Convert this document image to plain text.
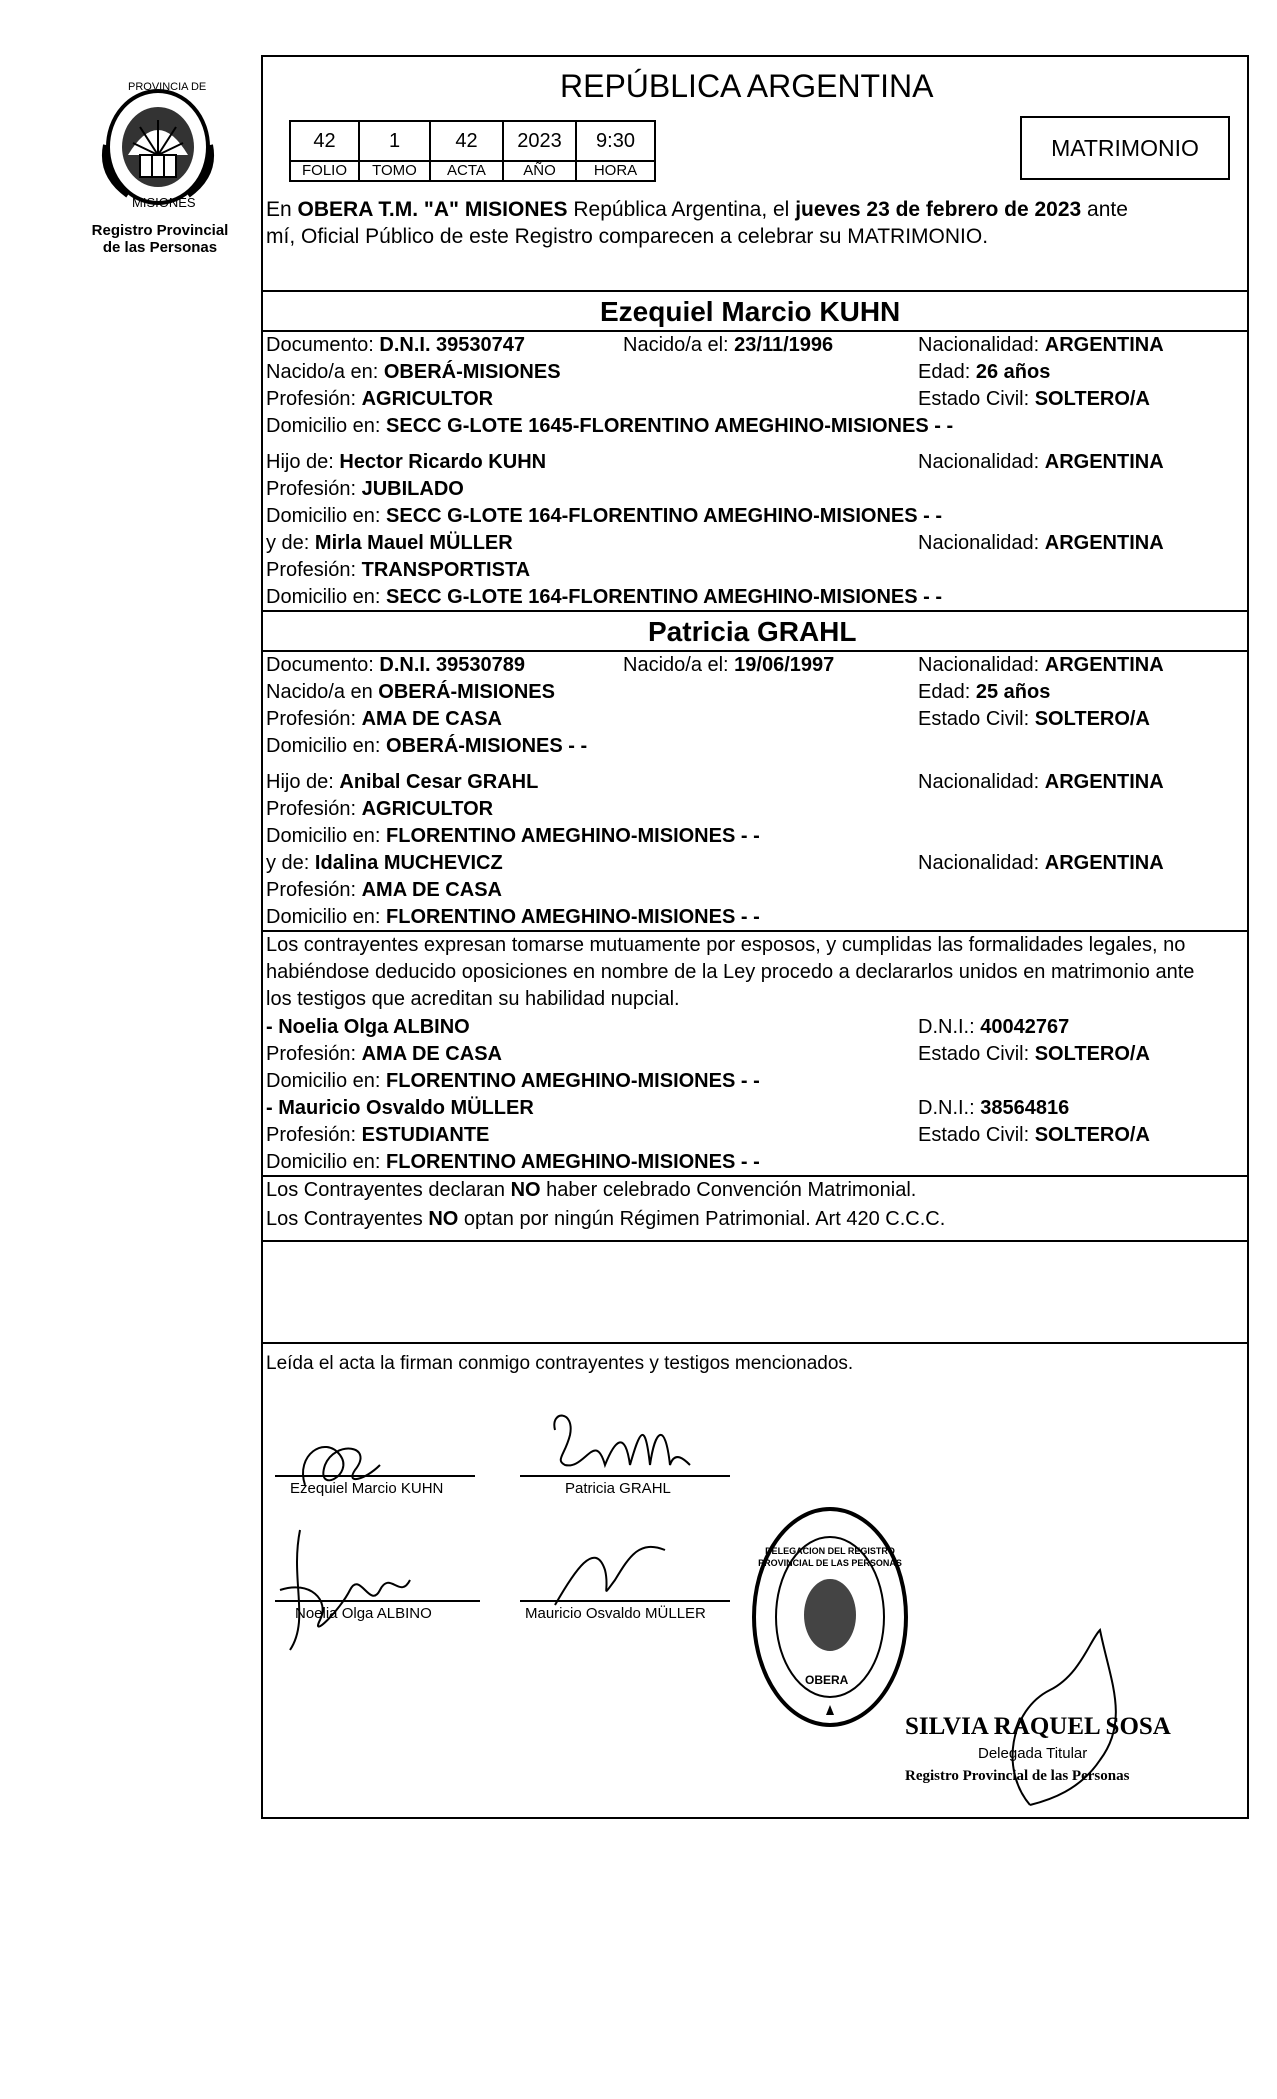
PROVINCIA DE
MISIONES
Registro Provincial
de las Personas
REPÚBLICA ARGENTINA
42	1	42	2023	9:30
FOLIO	TOMO	ACTA	AÑO	HORA
MATRIMONIO
En OBERA T.M. "A" MISIONES República Argentina, el jueves 23 de febrero de 2023 ante
mí, Oficial Público de este Registro comparecen a celebrar su MATRIMONIO.
Ezequiel Marcio KUHN
Documento: D.N.I. 39530747	Nacido/a el: 23/11/1996	Nacionalidad: ARGENTINA
Nacido/a en: OBERÁ-MISIONES	Edad: 26 años
Profesión: AGRICULTOR	Estado Civil: SOLTERO/A
Domicilio en: SECC G-LOTE 1645-FLORENTINO AMEGHINO-MISIONES - -
Hijo de: Hector Ricardo KUHN	Nacionalidad: ARGENTINA
Profesión: JUBILADO
Domicilio en: SECC G-LOTE 164-FLORENTINO AMEGHINO-MISIONES - -
y de: Mirla Mauel MÜLLER	Nacionalidad: ARGENTINA
Profesión: TRANSPORTISTA
Domicilio en: SECC G-LOTE 164-FLORENTINO AMEGHINO-MISIONES - -
Patricia GRAHL
Documento: D.N.I. 39530789	Nacido/a el: 19/06/1997	Nacionalidad: ARGENTINA
Nacido/a en OBERÁ-MISIONES	Edad: 25 años
Profesión: AMA DE CASA	Estado Civil: SOLTERO/A
Domicilio en: OBERÁ-MISIONES - -
Hijo de: Anibal Cesar GRAHL	Nacionalidad: ARGENTINA
Profesión: AGRICULTOR
Domicilio en: FLORENTINO AMEGHINO-MISIONES - -
y de: Idalina MUCHEVICZ	Nacionalidad: ARGENTINA
Profesión: AMA DE CASA
Domicilio en: FLORENTINO AMEGHINO-MISIONES - -
Los contrayentes expresan tomarse mutuamente por esposos, y cumplidas las formalidades legales, no
habiéndose deducido oposiciones en nombre de la Ley procedo a declararlos unidos en matrimonio ante
los testigos que acreditan su habilidad nupcial.
- Noelia Olga ALBINO	D.N.I.: 40042767
Profesión: AMA DE CASA	Estado Civil: SOLTERO/A
Domicilio en: FLORENTINO AMEGHINO-MISIONES - -
- Mauricio Osvaldo MÜLLER	D.N.I.: 38564816
Profesión: ESTUDIANTE	Estado Civil: SOLTERO/A
Domicilio en: FLORENTINO AMEGHINO-MISIONES - -
Los Contrayentes declaran NO haber celebrado Convención Matrimonial.
Los Contrayentes NO optan por ningún Régimen Patrimonial. Art 420 C.C.C.
Leída el acta la firman conmigo contrayentes y testigos mencionados.
Ezequiel Marcio KUHN	Patricia GRAHL
Noelia Olga ALBINO	Mauricio Osvaldo MÜLLER
DELEGACION DEL REGISTRO PROVINCIAL DE LAS PERSONAS
OBERA
SILVIA RAQUEL SOSA
Delegada Titular
Registro Provincial de las Personas
